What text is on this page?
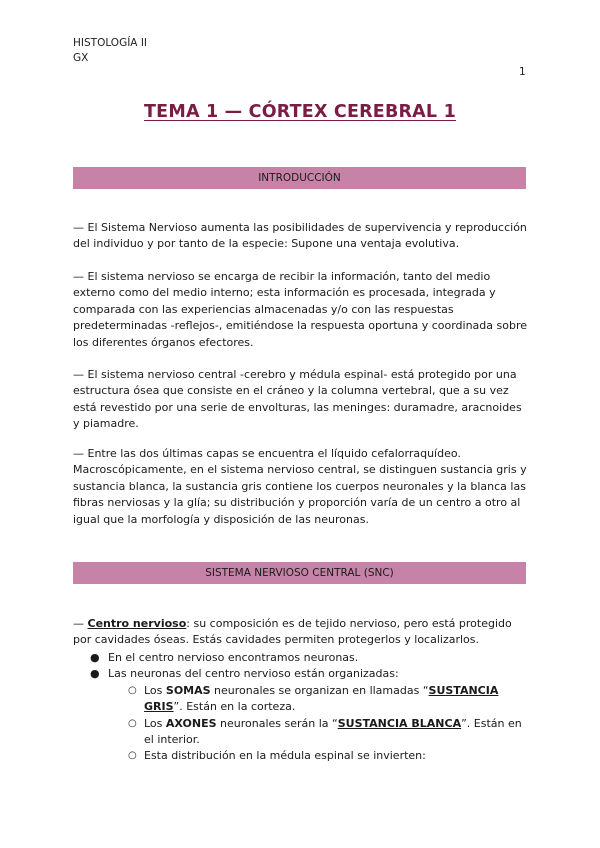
HISTOLOGÍA II
GX
1
TEMA 1 — CÓRTEX CEREBRAL 1
INTRODUCCIÓN
— El Sistema Nervioso aumenta las posibilidades de supervivencia y reproducción del individuo y por tanto de la especie: Supone una ventaja evolutiva.
— El sistema nervioso se encarga de recibir la información, tanto del medio externo como del medio interno; esta información es procesada, integrada y comparada con las experiencias almacenadas y/o con las respuestas predeterminadas -reflejos-, emitiéndose la respuesta oportuna y coordinada sobre los diferentes órganos efectores.
— El sistema nervioso central -cerebro y médula espinal- está protegido por una estructura ósea que consiste en el cráneo y la columna vertebral, que a su vez está revestido por una serie de envolturas, las meninges: duramadre, aracnoides y piamadre.
— Entre las dos últimas capas se encuentra el líquido cefalorraquídeo. Macroscópicamente, en el sistema nervioso central, se distinguen sustancia gris y sustancia blanca, la sustancia gris contiene los cuerpos neuronales y la blanca las fibras nerviosas y la glía; su distribución y proporción varía de un centro a otro al igual que la morfología y disposición de las neuronas.
SISTEMA NERVIOSO CENTRAL (SNC)
— Centro nervioso: su composición es de tejido nervioso, pero está protegido por cavidades óseas. Estás cavidades permiten protegerlos y localizarlos.
● En el centro nervioso encontramos neuronas.
● Las neuronas del centro nervioso están organizadas:
○ Los SOMAS neuronales se organizan en llamadas “SUSTANCIA GRIS”. Están en la corteza.
○ Los AXONES neuronales serán la “SUSTANCIA BLANCA”. Están en el interior.
○ Esta distribución en la médula espinal se invierten:
